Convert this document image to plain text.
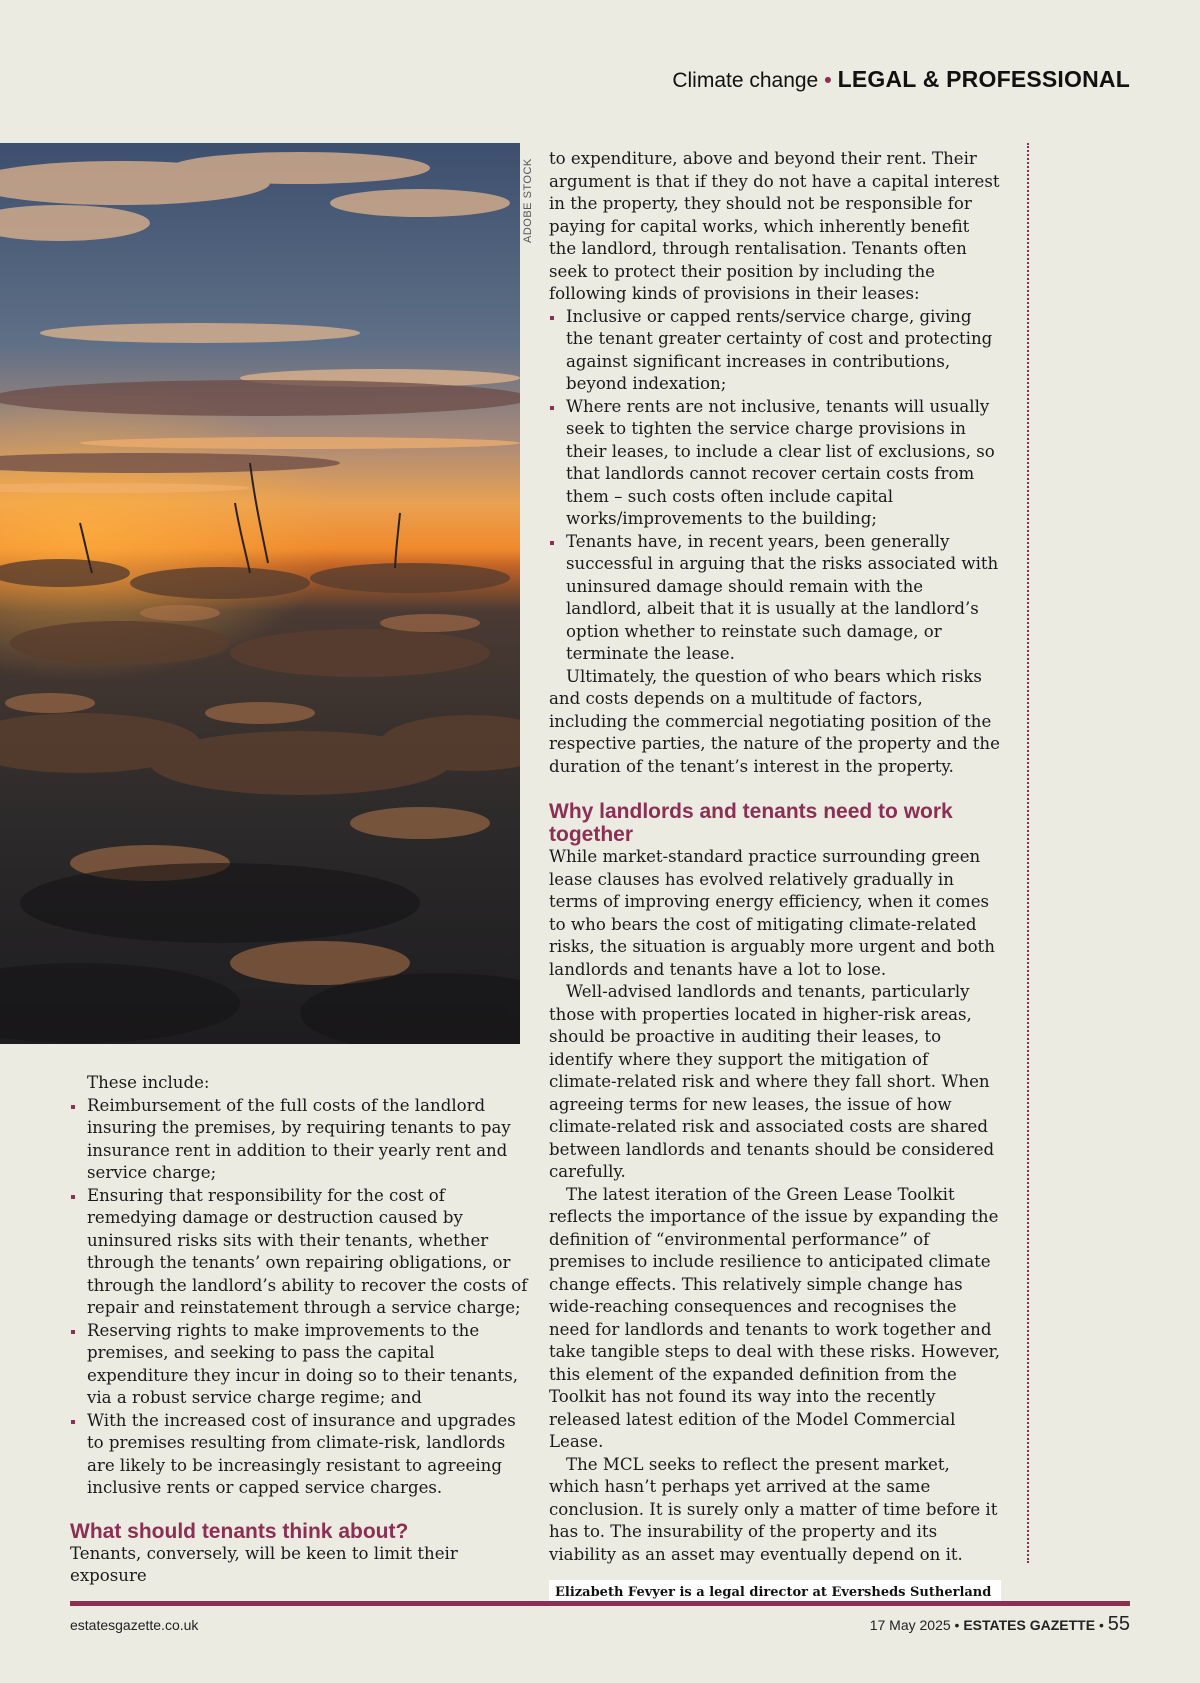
Climate change • LEGAL & PROFESSIONAL
ADOBE STOCK

These include:

Reimbursement of the full costs of the landlord insuring the premises, by requiring tenants to pay insurance rent in addition to their yearly rent and service charge;
Ensuring that responsibility for the cost of remedying damage or destruction caused by uninsured risks sits with their tenants, whether through the tenants’ own repairing obligations, or through the landlord’s ability to recover the costs of repair and reinstatement through a service charge;
Reserving rights to make improvements to the premises, and seeking to pass the capital expenditure they incur in doing so to their tenants, via a robust service charge regime; and
With the increased cost of insurance and upgrades to premises resulting from climate-risk, landlords are likely to be increasingly resistant to agreeing inclusive rents or capped service charges.
What should tenants think about?

Tenants, conversely, will be keen to limit their exposure

to expenditure, above and beyond their rent. Their argument is that if they do not have a capital interest in the property, they should not be responsible for paying for capital works, which inherently benefit the landlord, through rentalisation. Tenants often seek to protect their position by including the following kinds of provisions in their leases:

Inclusive or capped rents/service charge, giving the tenant greater certainty of cost and protecting against significant increases in contributions, beyond indexation;
Where rents are not inclusive, tenants will usually seek to tighten the service charge provisions in their leases, to include a clear list of exclusions, so that landlords cannot recover certain costs from them – such costs often include capital works/improvements to the building;
Tenants have, in recent years, been generally successful in arguing that the risks associated with uninsured damage should remain with the landlord, albeit that it is usually at the landlord’s option whether to reinstate such damage, or terminate the lease.

Ultimately, the question of who bears which risks and costs depends on a multitude of factors, including the commercial negotiating position of the respective parties, the nature of the property and the duration of the tenant’s interest in the property.

Why landlords and tenants need to work together

While market-standard practice surrounding green lease clauses has evolved relatively gradually in terms of improving energy efficiency, when it comes to who bears the cost of mitigating climate-related risks, the situation is arguably more urgent and both landlords and tenants have a lot to lose.

Well-advised landlords and tenants, particularly those with properties located in higher-risk areas, should be proactive in auditing their leases, to identify where they support the mitigation of climate-related risk and where they fall short. When agreeing terms for new leases, the issue of how climate-related risk and associated costs are shared between landlords and tenants should be considered carefully.

The latest iteration of the Green Lease Toolkit reflects the importance of the issue by expanding the definition of “environmental performance” of premises to include resilience to anticipated climate change effects. This relatively simple change has wide-reaching consequences and recognises the need for landlords and tenants to work together and take tangible steps to deal with these risks. However, this element of the expanded definition from the Toolkit has not found its way into the recently released latest edition of the Model Commercial Lease.

The MCL seeks to reflect the present market, which hasn’t perhaps yet arrived at the same conclusion. It is surely only a matter of time before it has to. The insurability of the property and its viability as an asset may eventually depend on it.

Elizabeth Fevyer is a legal director at Eversheds Sutherland
estatesgazette.co.uk	17 May 2025 • ESTATES GAZETTE • 55
